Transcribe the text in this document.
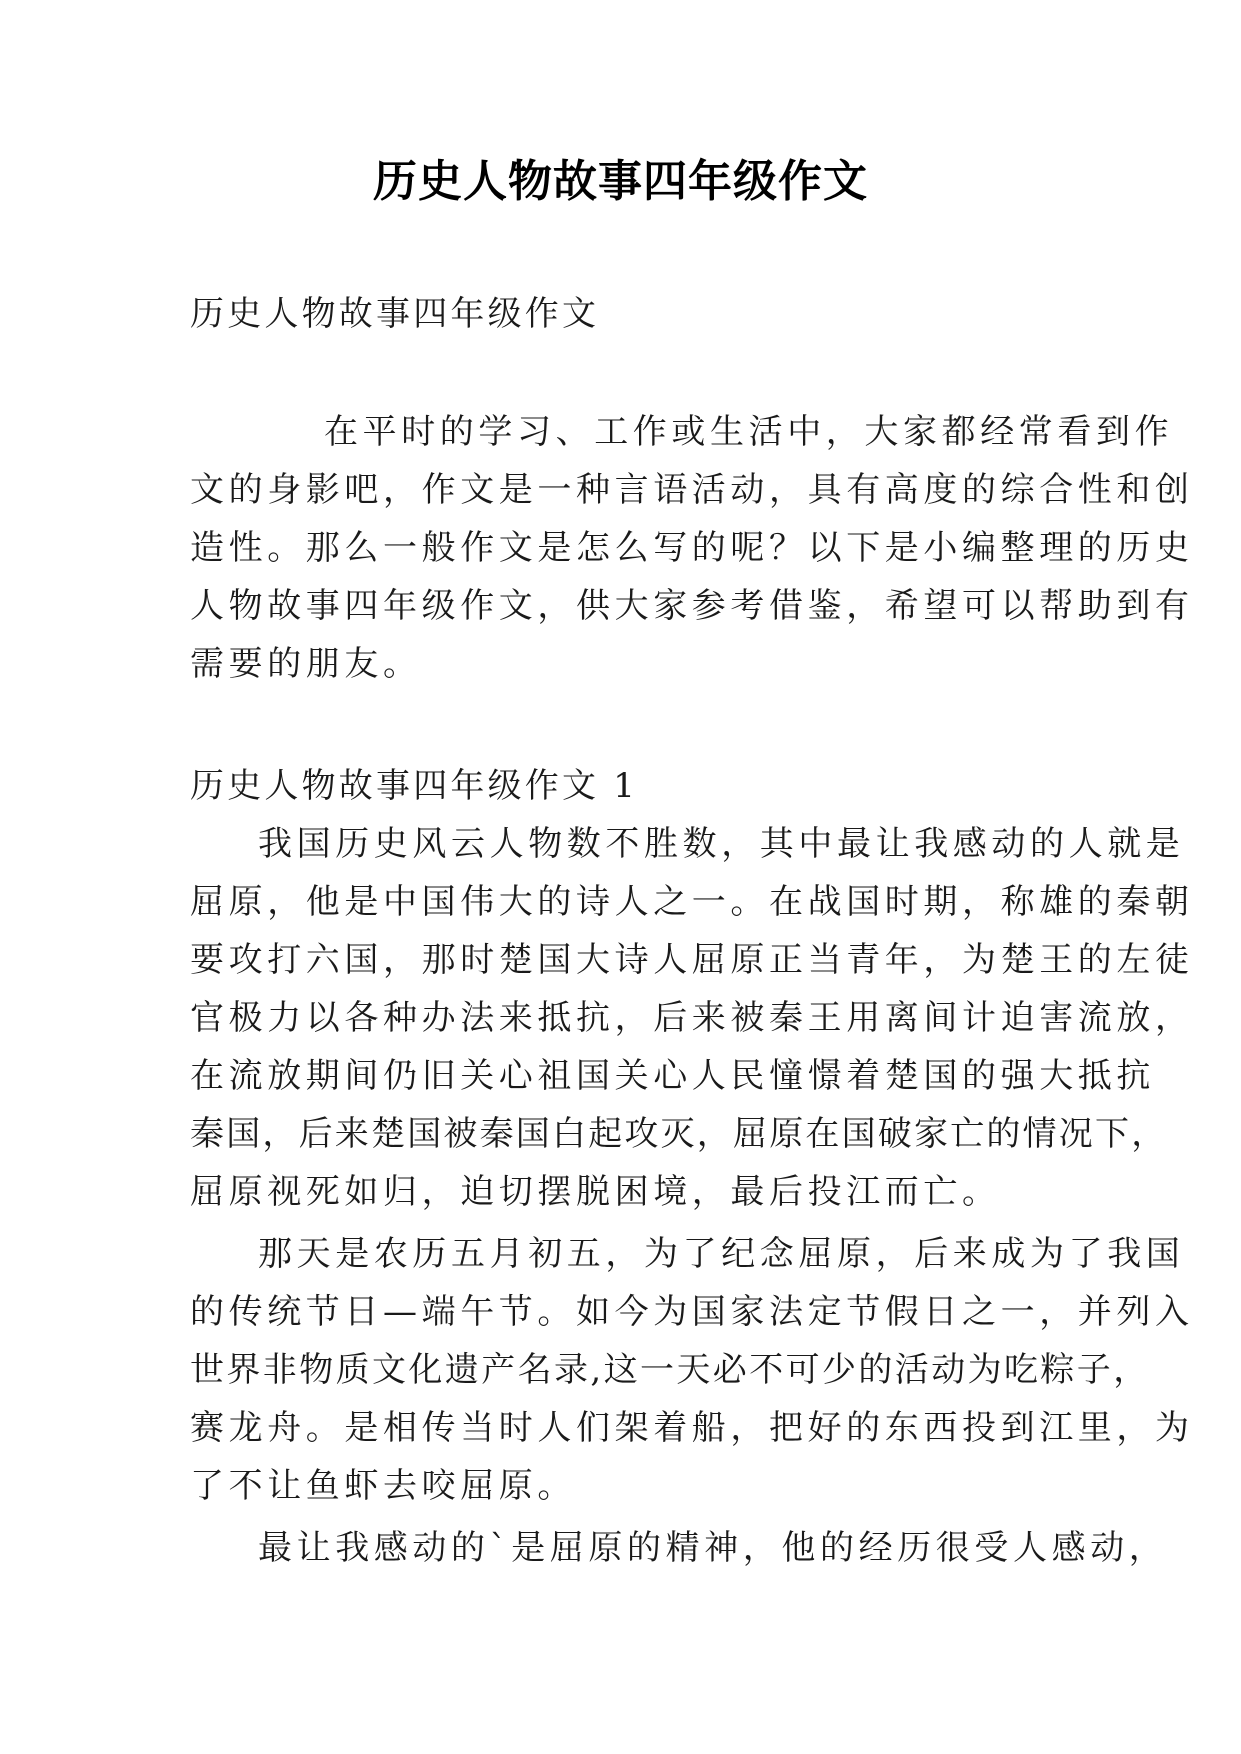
历史人物故事四年级作文
历史人物故事四年级作文
在平时的学习、工作或生活中，大家都经常看到作
文的身影吧，作文是一种言语活动，具有高度的综合性和创
造性。那么一般作文是怎么写的呢？以下是小编整理的历史
人物故事四年级作文，供大家参考借鉴，希望可以帮助到有
需要的朋友。
历史人物故事四年级作文 1
我国历史风云人物数不胜数，其中最让我感动的人就是
屈原，他是中国伟大的诗人之一。在战国时期，称雄的秦朝
要攻打六国，那时楚国大诗人屈原正当青年，为楚王的左徒
官极力以各种办法来抵抗，后来被秦王用离间计迫害流放，
在流放期间仍旧关心祖国关心人民憧憬着楚国的强大抵抗
秦国，后来楚国被秦国白起攻灭，屈原在国破家亡的情况下，
屈原视死如归，迫切摆脱困境，最后投江而亡。
那天是农历五月初五，为了纪念屈原，后来成为了我国
的传统节日—端午节。如今为国家法定节假日之一，并列入
世界非物质文化遗产名录,这一天必不可少的活动为吃粽子，
赛龙舟。是相传当时人们架着船，把好的东西投到江里，为
了不让鱼虾去咬屈原。
最让我感动的`是屈原的精神，他的经历很受人感动，
